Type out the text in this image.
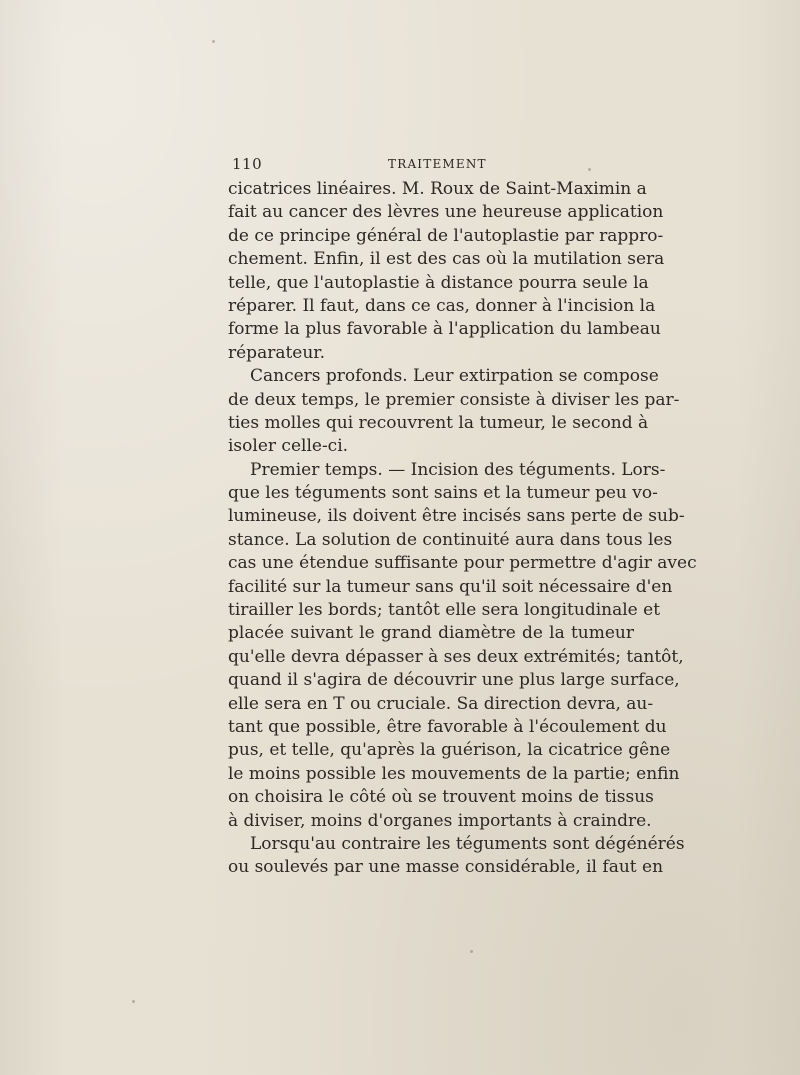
110	TRAITEMENT
cicatrices linéaires. M. Roux de Saint-Maximin a
fait au cancer des lèvres une heureuse application
de ce principe général de l'autoplastie par rappro-
chement. Enfin, il est des cas où la mutilation sera
telle, que l'autoplastie à distance pourra seule la
réparer. Il faut, dans ce cas, donner à l'incision la
forme la plus favorable à l'application du lambeau
réparateur.
Cancers profonds. Leur extirpation se compose
de deux temps, le premier consiste à diviser les par-
ties molles qui recouvrent la tumeur, le second à
isoler celle-ci.
Premier temps. — Incision des téguments. Lors-
que les téguments sont sains et la tumeur peu vo-
lumineuse, ils doivent être incisés sans perte de sub-
stance. La solution de continuité aura dans tous les
cas une étendue suffisante pour permettre d'agir avec
facilité sur la tumeur sans qu'il soit nécessaire d'en
tirailler les bords; tantôt elle sera longitudinale et
placée suivant le grand diamètre de la tumeur
qu'elle devra dépasser à ses deux extrémités; tantôt,
quand il s'agira de découvrir une plus large surface,
elle sera en T ou cruciale. Sa direction devra, au-
tant que possible, être favorable à l'écoulement du
pus, et telle, qu'après la guérison, la cicatrice gêne
le moins possible les mouvements de la partie; enfin
on choisira le côté où se trouvent moins de tissus
à diviser, moins d'organes importants à craindre.
Lorsqu'au contraire les téguments sont dégénérés
ou soulevés par une masse considérable, il faut en
